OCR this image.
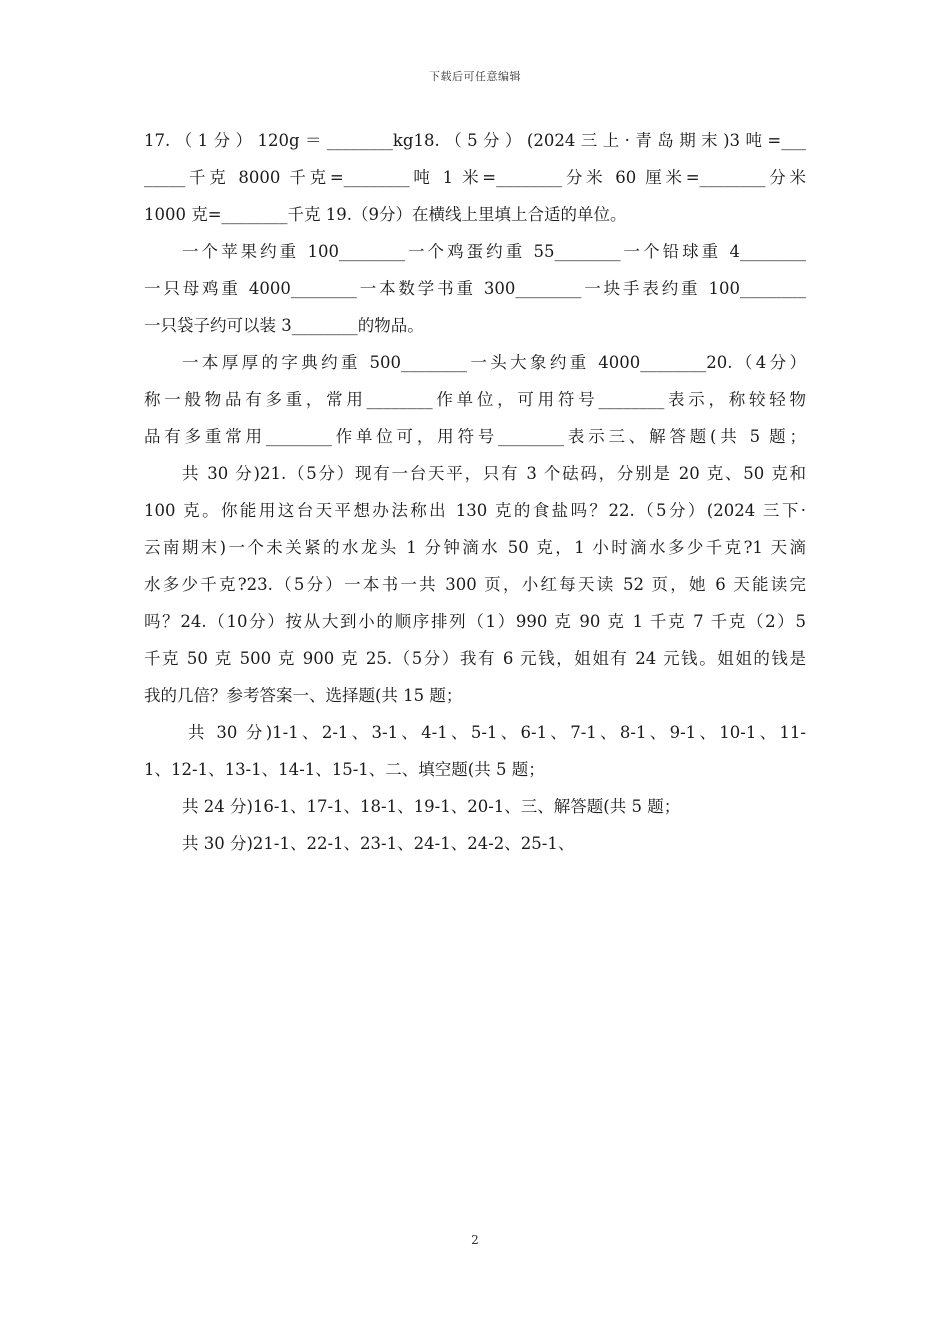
下载后可任意编辑
17.（1分）120g＝________kg18.（5分）(2024三上·青岛期末)3吨=___
_____千克 8000 千克=________吨 1 米=________分米 60 厘米=________分米
1000 克=________千克 19.（9分）在横线上里填上合适的单位。
一个苹果约重 100________一个鸡蛋约重 55________一个铅球重 4________
一只母鸡重 4000________一本数学书重 300________一块手表约重 100________
一只袋子约可以装 3________的物品。
一本厚厚的字典约重 500________一头大象约重 4000________20.（4分）
称一般物品有多重，常用________作单位，可用符号________表示，称较轻物
品有多重常用________作单位可，用符号________表示三、解答题(共 5 题；
共 30 分)21.（5分）现有一台天平，只有 3 个砝码，分别是 20 克、50 克和
100 克。你能用这台天平想办法称出 130 克的食盐吗？22.（5分）(2024 三下·
云南期末)一个未关紧的水龙头 1 分钟滴水 50 克，1 小时滴水多少千克?1 天滴
水多少千克?23.（5分）一本书一共 300 页，小红每天读 52 页，她 6 天能读完
吗？24.（10分）按从大到小的顺序排列（1）990 克 90 克 1 千克 7 千克（2）5
千克 50 克 500 克 900 克 25.（5分）我有 6 元钱，姐姐有 24 元钱。姐姐的钱是
我的几倍？参考答案一、选择题(共 15 题；
共 30 分)1-1、2-1、3-1、4-1、5-1、6-1、7-1、8-1、9-1、10-1、11-
1、12-1、13-1、14-1、15-1、二、填空题(共 5 题；
共 24 分)16-1、17-1、18-1、19-1、20-1、三、解答题(共 5 题；
共 30 分)21-1、22-1、23-1、24-1、24-2、25-1、
2
